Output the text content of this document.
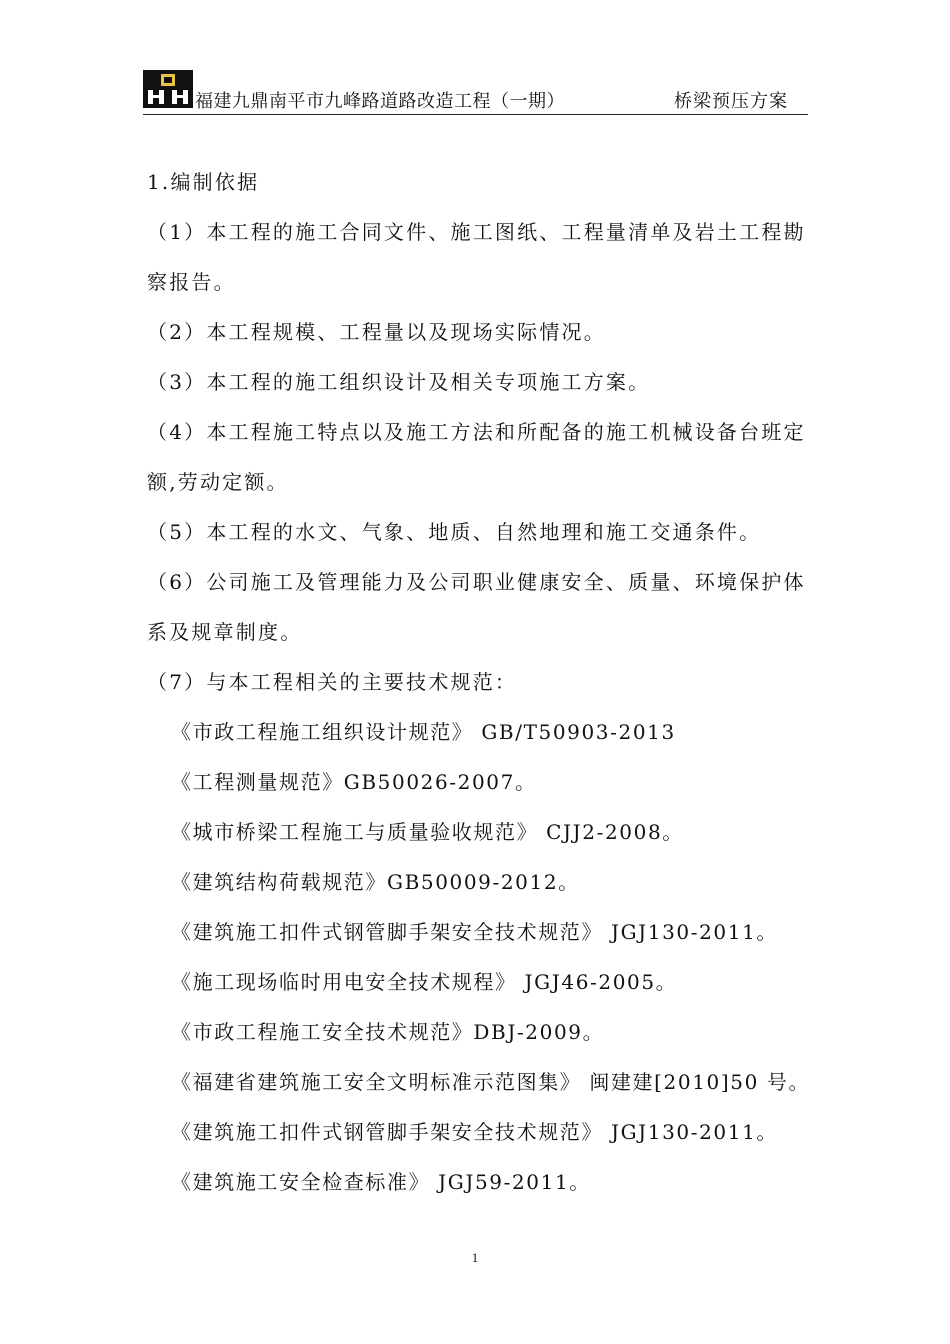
福建九鼎南平市九峰路道路改造工程（一期）	桥梁预压方案
1.编制依据
（1）本工程的施工合同文件、施工图纸、工程量清单及岩土工程勘
察报告。
（2）本工程规模、工程量以及现场实际情况。
（3）本工程的施工组织设计及相关专项施工方案。
（4）本工程施工特点以及施工方法和所配备的施工机械设备台班定
额,劳动定额。
（5）本工程的水文、气象、地质、自然地理和施工交通条件。
（6）公司施工及管理能力及公司职业健康安全、质量、环境保护体
系及规章制度。
（7）与本工程相关的主要技术规范：
《市政工程施工组织设计规范》 GB/T50903-2013
《工程测量规范》GB50026-2007。
《城市桥梁工程施工与质量验收规范》 CJJ2-2008。
《建筑结构荷载规范》GB50009-2012。
《建筑施工扣件式钢管脚手架安全技术规范》 JGJ130-2011。
《施工现场临时用电安全技术规程》 JGJ46-2005。
《市政工程施工安全技术规范》DBJ-2009。
《福建省建筑施工安全文明标准示范图集》 闽建建[2010]50 号。
《建筑施工扣件式钢管脚手架安全技术规范》 JGJ130-2011。
《建筑施工安全检查标准》 JGJ59-2011。
1
